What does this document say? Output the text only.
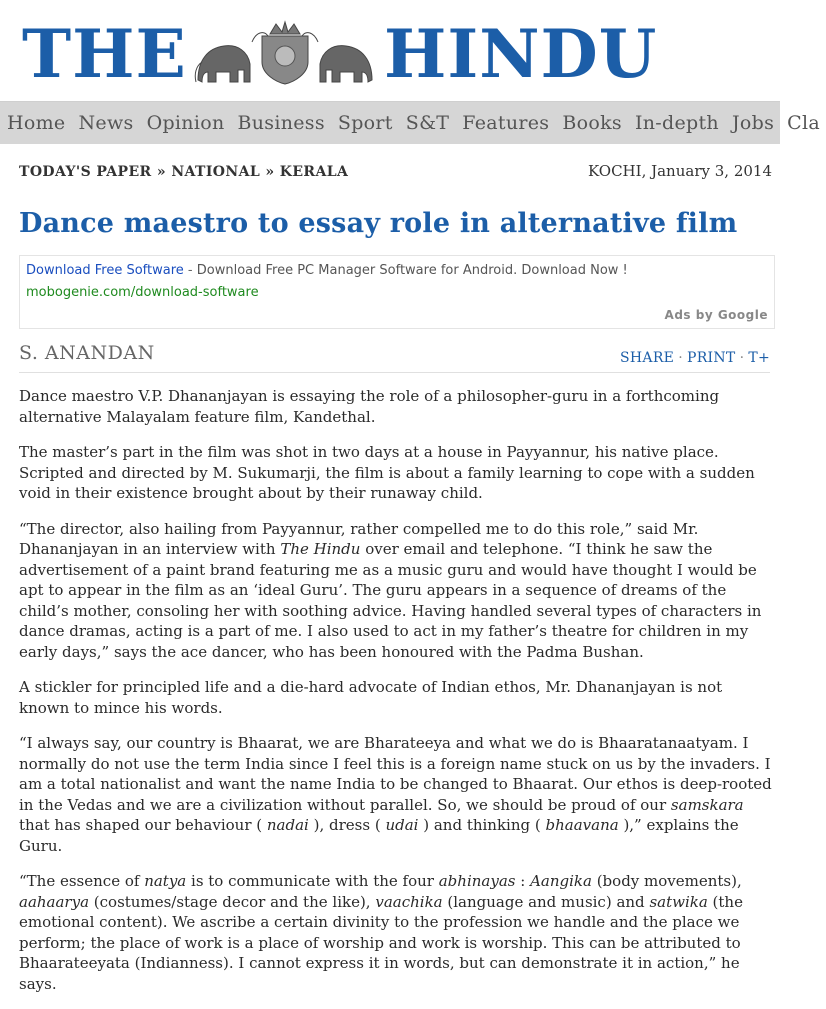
THE	HINDU
Home News Opinion Business Sport S&T Features Books In-depth Jobs Cla
TODAY'S PAPER » NATIONAL » KERALA	KOCHI, January 3, 2014
Dance maestro to essay role in alternative film
Download Free Software - Download Free PC Manager Software for Android. Download Now !
mobogenie.com/download-software
Ads by Google
S. ANANDAN	SHARE · PRINT · T+

Dance maestro V.P. Dhananjayan is essaying the role of a philosopher-guru in a forthcoming alternative Malayalam feature film, Kandethal.

The master’s part in the film was shot in two days at a house in Payyannur, his native place. Scripted and directed by M. Sukumarji, the film is about a family learning to cope with a sudden void in their existence brought about by their runaway child.

“The director, also hailing from Payyannur, rather compelled me to do this role,” said Mr. Dhananjayan in an interview with The Hindu over email and telephone. “I think he saw the advertisement of a paint brand featuring me as a music guru and would have thought I would be apt to appear in the film as an ‘ideal Guru’. The guru appears in a sequence of dreams of the child’s mother, consoling her with soothing advice. Having handled several types of characters in dance dramas, acting is a part of me. I also used to act in my father’s theatre for children in my early days,” says the ace dancer, who has been honoured with the Padma Bushan.

A stickler for principled life and a die-hard advocate of Indian ethos, Mr. Dhananjayan is not known to mince his words.

“I always say, our country is Bhaarat, we are Bharateeya and what we do is Bhaaratanaatyam. I normally do not use the term India since I feel this is a foreign name stuck on us by the invaders. I am a total nationalist and want the name India to be changed to Bhaarat. Our ethos is deep-rooted in the Vedas and we are a civilization without parallel. So, we should be proud of our samskara that has shaped our behaviour ( nadai ), dress ( udai ) and thinking ( bhaavana ),” explains the Guru.

“The essence of natya is to communicate with the four abhinayas : Aangika (body movements), aahaarya (costumes/stage decor and the like), vaachika (language and music) and satwika (the emotional content). We ascribe a certain divinity to the profession we handle and the place we perform; the place of work is a place of worship and work is worship. This can be attributed to Bhaarateeyata (Indianness). I cannot express it in words, but can demonstrate it in action,” he says.
